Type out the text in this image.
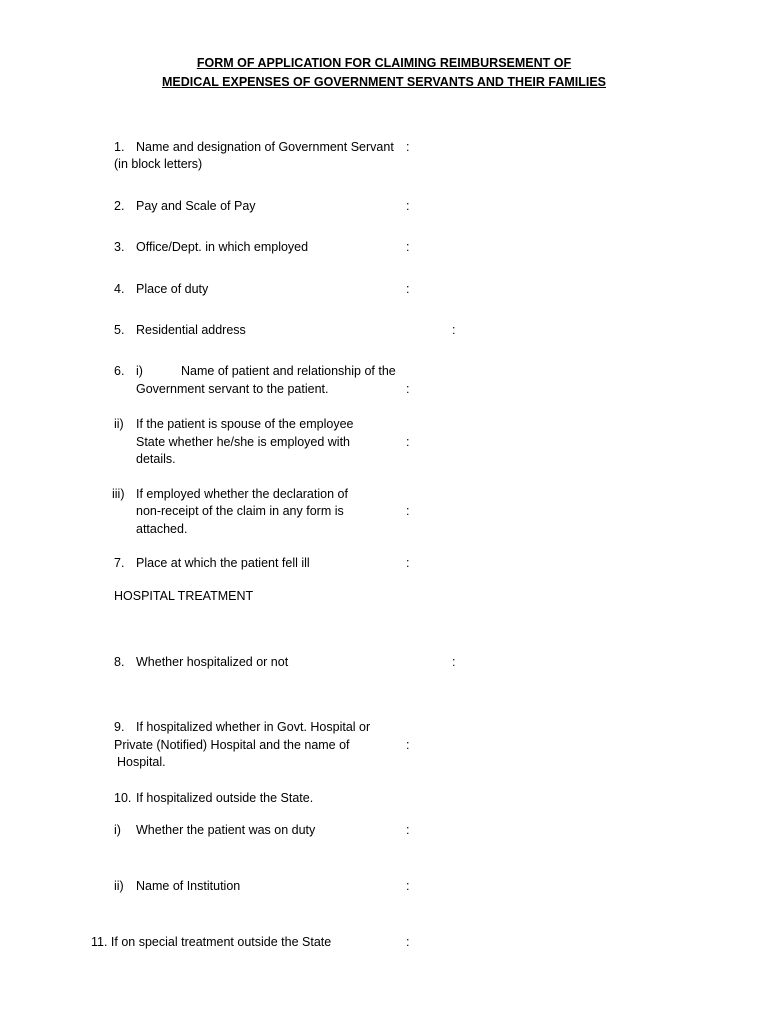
FORM OF APPLICATION FOR CLAIMING REIMBURSEMENT OF
MEDICAL EXPENSES OF GOVERNMENT SERVANTS AND THEIR FAMILIES
1. Name and designation of Government Servant
(in block letters)
:
2. Pay and Scale of Pay	:
3. Office/Dept. in which employed	:
4. Place of duty	:
5. Residential address	:
6. i)	Name of patient and relationship of the
Government servant to the patient.	:
ii) If the patient is spouse of the employee
State whether he/she is employed with
details.
:
iii) If employed whether the declaration of
non-receipt of the claim in any form is
attached.
:
7. Place at which the patient fell ill	:
HOSPITAL TREATMENT
8. Whether hospitalized or not	:
9. If hospitalized whether in Govt. Hospital or
Private (Notified) Hospital and the name of
Hospital.
:
10. If hospitalized outside the State.
i) Whether the patient was on duty	:
ii) Name of Institution	:
11. If on special treatment outside the State	:
